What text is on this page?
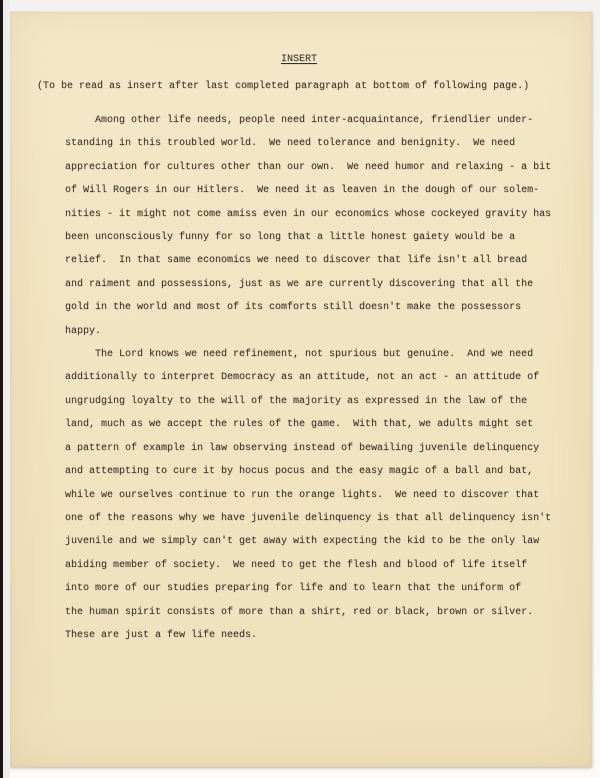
INSERT
(To be read as insert after last completed paragraph at bottom of following page.)
Among other life needs, people need inter-acquaintance, friendlier under-
standing in this troubled world.  We need tolerance and benignity.  We need
appreciation for cultures other than our own.  We need humor and relaxing - a bit
of Will Rogers in our Hitlers.  We need it as leaven in the dough of our solem-
nities - it might not come amiss even in our economics whose cockeyed gravity has
been unconsciously funny for so long that a little honest gaiety would be a
relief.  In that same economics we need to discover that life isn't all bread
and raiment and possessions, just as we are currently discovering that all the
gold in the world and most of its comforts still doesn't make the possessors
happy.
The Lord knows we need refinement, not spurious but genuine.  And we need
additionally to interpret Democracy as an attitude, not an act - an attitude of
ungrudging loyalty to the will of the majority as expressed in the law of the
land, much as we accept the rules of the game.  With that, we adults might set
a pattern of example in law observing instead of bewailing juvenile delinquency
and attempting to cure it by hocus pocus and the easy magic of a ball and bat,
while we ourselves continue to run the orange lights.  We need to discover that
one of the reasons why we have juvenile delinquency is that all delinquency isn't
juvenile and we simply can't get away with expecting the kid to be the only law
abiding member of society.  We need to get the flesh and blood of life itself
into more of our studies preparing for life and to learn that the uniform of
the human spirit consists of more than a shirt, red or black, brown or silver.
These are just a few life needs.
